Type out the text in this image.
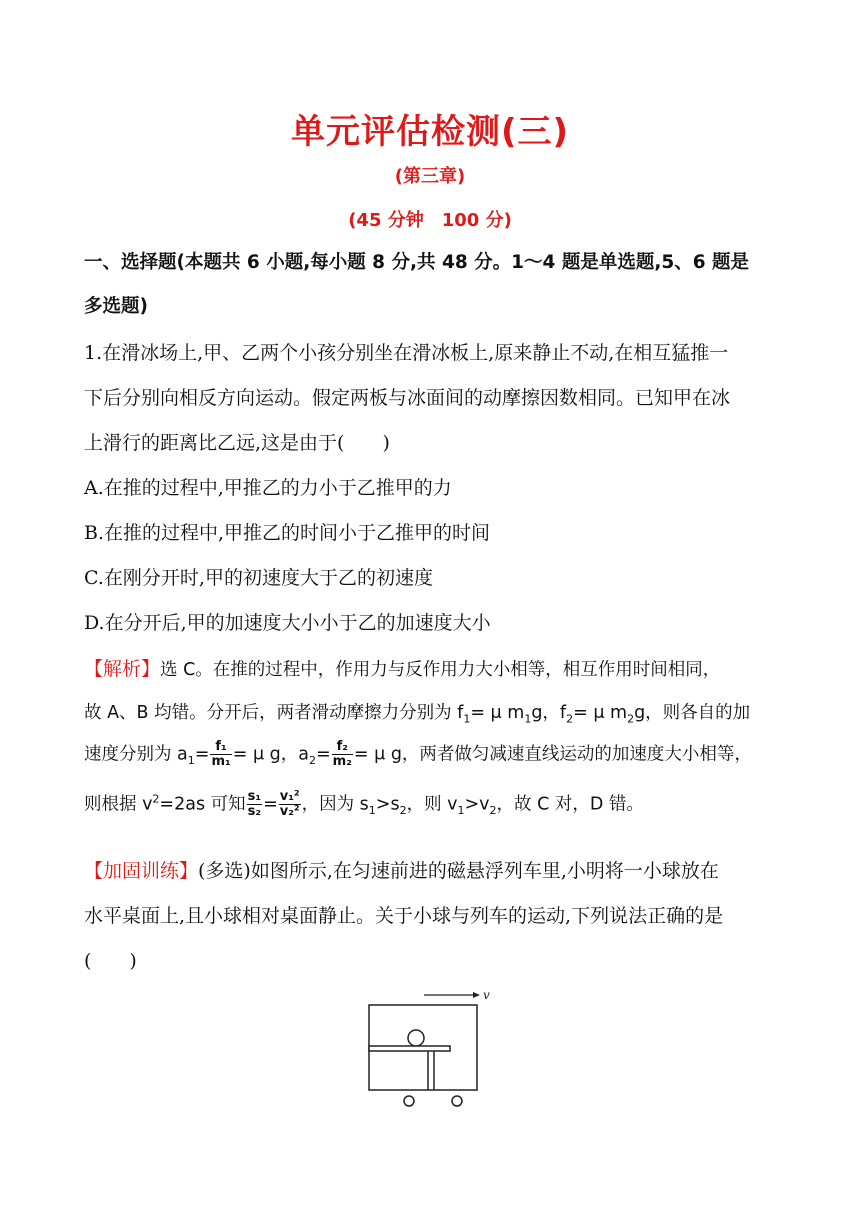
单元评估检测(三)
(第三章)
(45 分钟　100 分)
一、选择题(本题共 6 小题,每小题 8 分,共 48 分。1～4 题是单选题,5、6 题是
多选题)
1.在滑冰场上,甲、乙两个小孩分别坐在滑冰板上,原来静止不动,在相互猛推一
下后分别向相反方向运动。假定两板与冰面间的动摩擦因数相同。已知甲在冰
上滑行的距离比乙远,这是由于(　　)
A.在推的过程中,甲推乙的力小于乙推甲的力
B.在推的过程中,甲推乙的时间小于乙推甲的时间
C.在刚分开时,甲的初速度大于乙的初速度
D.在分开后,甲的加速度大小小于乙的加速度大小
【解析】选 C。在推的过程中，作用力与反作用力大小相等，相互作用时间相同，
故 A、B 均错。分开后，两者滑动摩擦力分别为 $f_1= \mu$ $m_1g$，$f_2= \mu$ $m_2g$，则各自的加
速度分别为 $a_1= \frac{\text{f₁}}{\text{m₁}} = \mu$ g，$a_2= \frac{\text{f₂}}{\text{m₂}} = \mu$ g，两者做匀减速直线运动的加速度大小相等，
则根据 $v^2=2as$ 可知 $\frac{\text{s₁}}{\text{s₂}} = \frac{\text{v₁²}}{\text{v₂²}}$ ，因为 $s_1>s_2$，则 $v_1>v_2$，故 C 对，D 错。
【加固训练】(多选)如图所示,在匀速前进的磁悬浮列车里,小明将一小球放在
水平桌面上,且小球相对桌面静止。关于小球与列车的运动,下列说法正确的是
(　　)
v
